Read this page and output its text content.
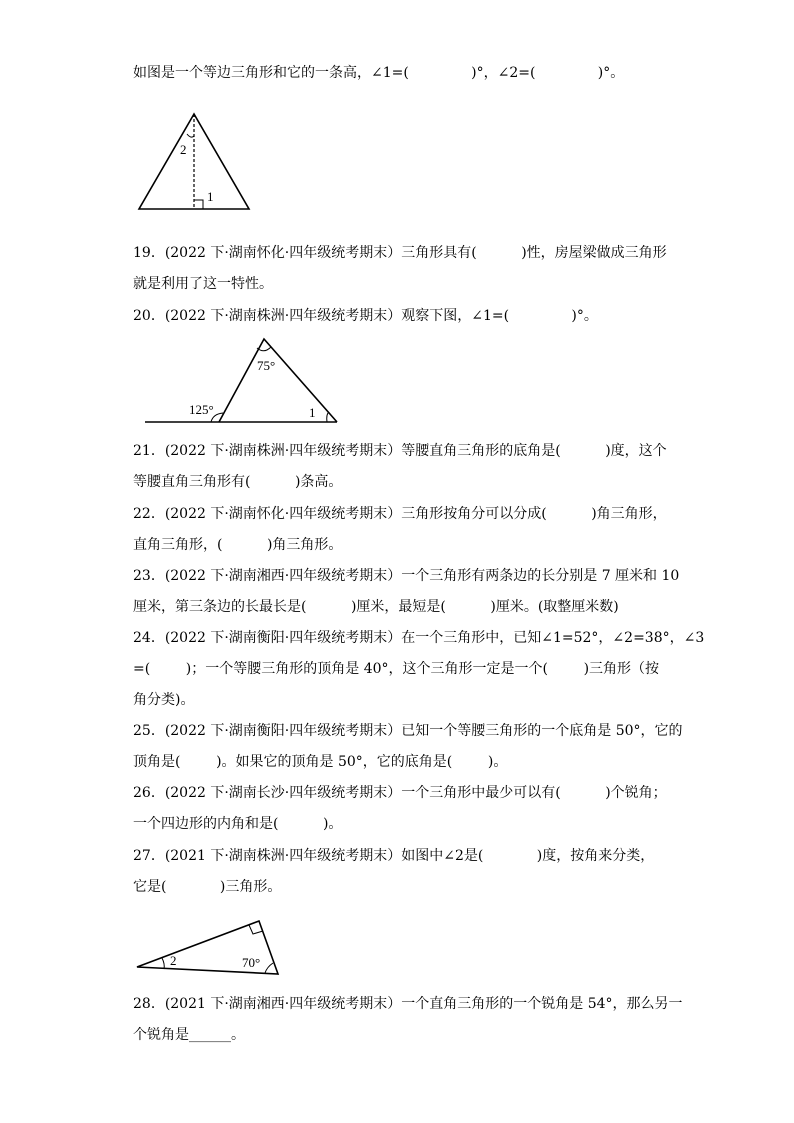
如图是一个等边三角形和它的一条高，∠1=(              )°，∠2=(              )°。
2
1
19．(2022 下·湖南怀化·四年级统考期末）三角形具有(          )性，房屋梁做成三角形
就是利用了这一特性。
20．(2022 下·湖南株洲·四年级统考期末）观察下图，∠1=(              )°。
75°
125°	1
21．(2022 下·湖南株洲·四年级统考期末）等腰直角三角形的底角是(          )度，这个
等腰直角三角形有(          )条高。
22．(2022 下·湖南怀化·四年级统考期末）三角形按角分可以分成(          )角三角形，
直角三角形，(          )角三角形。
23．(2022 下·湖南湘西·四年级统考期末）一个三角形有两条边的长分别是 7 厘米和 10
厘米，第三条边的长最长是(          )厘米，最短是(          )厘米。(取整厘米数)
24．(2022 下·湖南衡阳·四年级统考期末）在一个三角形中，已知∠1=52°，∠2=38°，∠3
=(        )；一个等腰三角形的顶角是 40°，这个三角形一定是一个(        )三角形（按
角分类)。
25．(2022 下·湖南衡阳·四年级统考期末）已知一个等腰三角形的一个底角是 50°，它的
顶角是(        )。如果它的顶角是 50°，它的底角是(        )。
26．(2022 下·湖南长沙·四年级统考期末）一个三角形中最少可以有(          )个锐角；
一个四边形的内角和是(          )。
27．(2021 下·湖南株洲·四年级统考期末）如图中∠2是(            )度，按角来分类，
它是(            )三角形。
2	70°
28．(2021 下·湖南湘西·四年级统考期末）一个直角三角形的一个锐角是 54°，那么另一
个锐角是______。
